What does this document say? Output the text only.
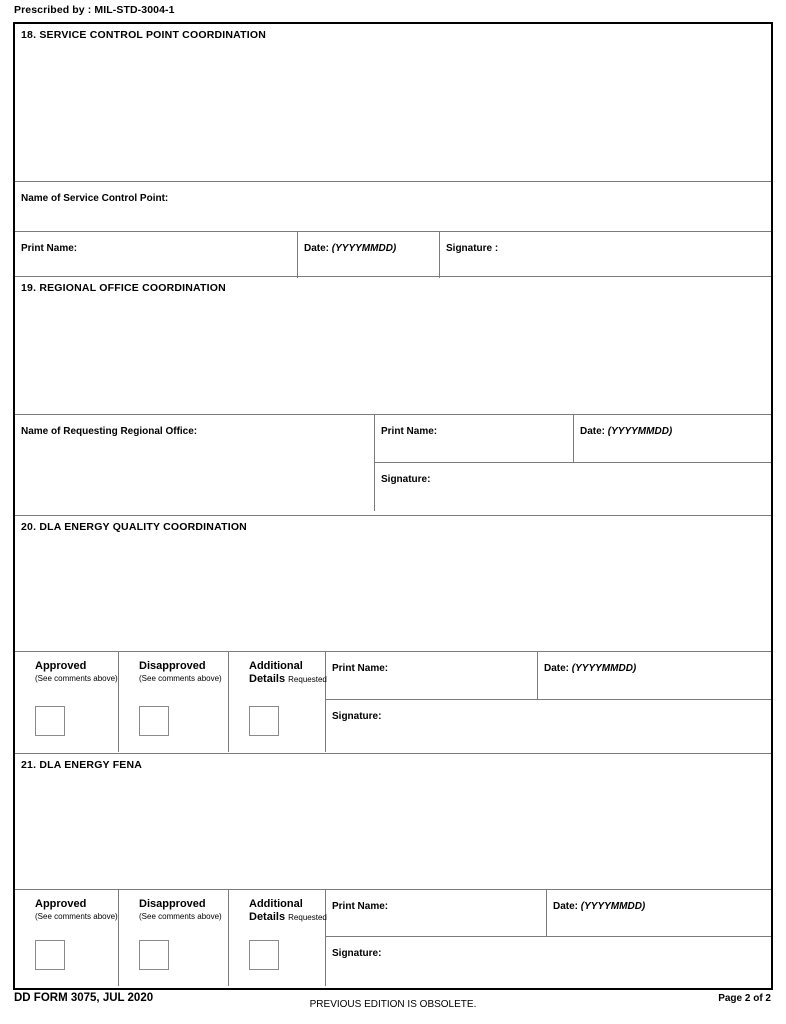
Prescribed by : MIL-STD-3004-1
18. SERVICE CONTROL POINT COORDINATION
Name of Service Control Point:
Print Name:	Date: (YYYYMMDD)	Signature :
19. REGIONAL OFFICE COORDINATION
Name of Requesting Regional Office:	Print Name:	Date: (YYYYMMDD)
Signature:
20. DLA ENERGY QUALITY COORDINATION
Approved
(See comments above)
Disapproved
(See comments above)
Additional
Details Requested
Print Name:	Date: (YYYYMMDD)
Signature:
21. DLA ENERGY FENA
Approved
(See comments above)
Disapproved
(See comments above)
Additional
Details Requested
Print Name:	Date: (YYYYMMDD)
Signature:
DD FORM 3075, JUL 2020
PREVIOUS EDITION IS OBSOLETE.
Page 2 of 2
